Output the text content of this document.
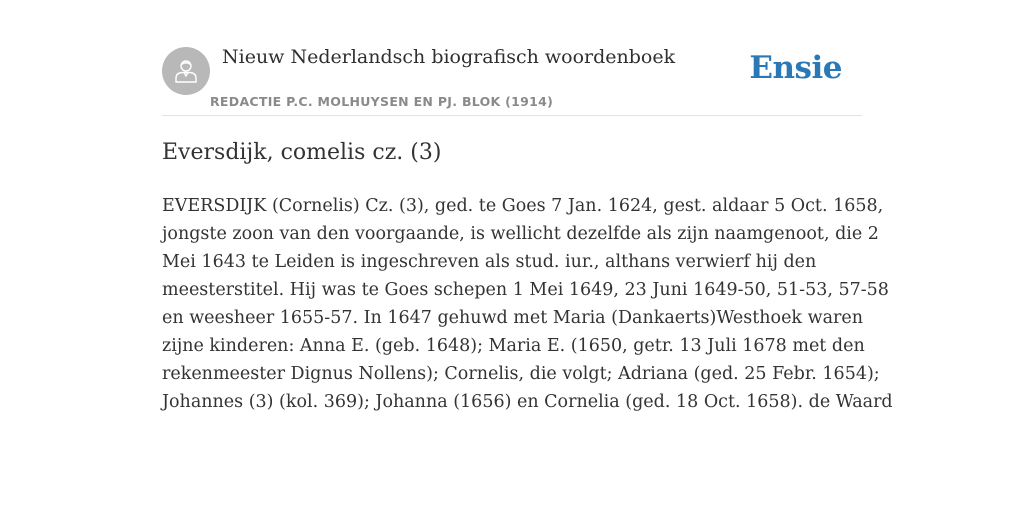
Nieuw Nederlandsch biografisch woordenboek
REDACTIE P.C. MOLHUYSEN EN PJ. BLOK (1914)
Ensie
Eversdijk, comelis cz. (3)
EVERSDIJK (Cornelis) Cz. (3), ged. te Goes 7 Jan. 1624, gest. aldaar 5 Oct. 1658,
jongste zoon van den voorgaande, is wellicht dezelfde als zijn naamgenoot, die 2
Mei 1643 te Leiden is ingeschreven als stud. iur., althans verwierf hij den
meesterstitel. Hij was te Goes schepen 1 Mei 1649, 23 Juni 1649-50, 51-53, 57-58
en weesheer 1655-57. In 1647 gehuwd met Maria (Dankaerts)Westhoek waren
zijne kinderen: Anna E. (geb. 1648); Maria E. (1650, getr. 13 Juli 1678 met den
rekenmeester Dignus Nollens); Cornelis, die volgt; Adriana (ged. 25 Febr. 1654);
Johannes (3) (kol. 369); Johanna (1656) en Cornelia (ged. 18 Oct. 1658). de Waard
